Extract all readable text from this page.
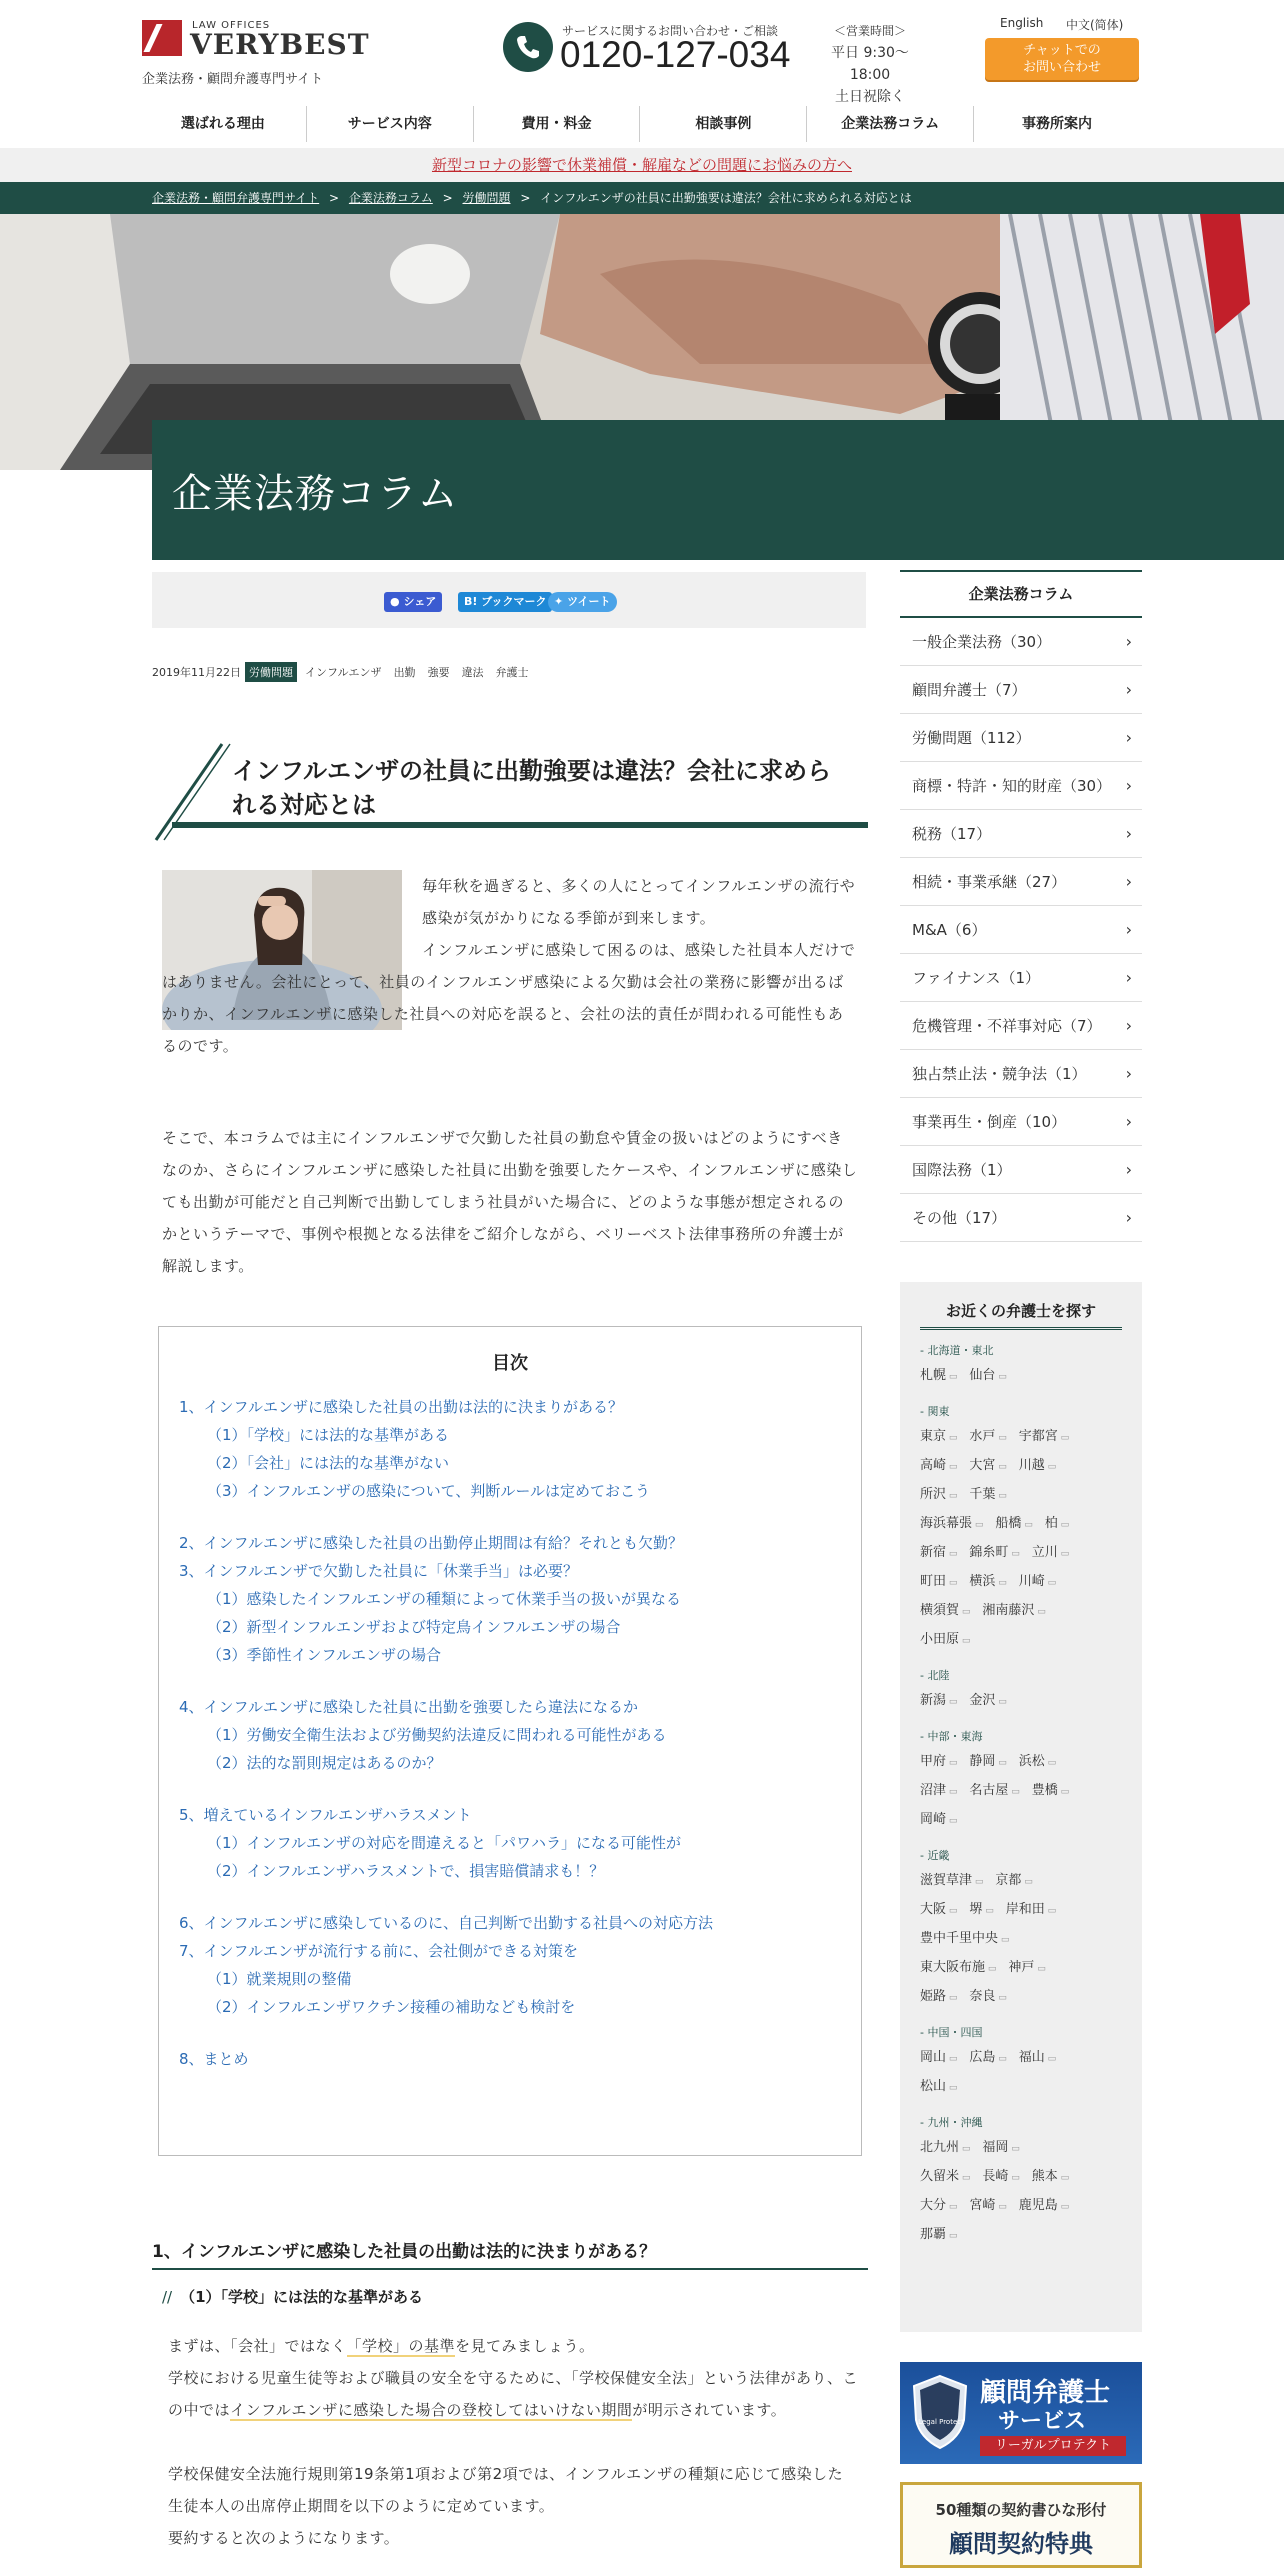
LAW OFFICES
VERYBEST
企業法務・顧問弁護専門サイト
サービスに関するお問い合わせ・ご相談
0120-127-034
＜営業時間＞
平日 9:30～18:00
土日祝除く
English 中文(简体)
チャットでの
お問い合わせ
選ばれる理由	サービス内容	費用・料金	相談事例	企業法務コラム	事務所案内
新型コロナの影響で休業補償・解雇などの問題にお悩みの方へ
企業法務・顧問弁護専門サイト > 企業法務コラム > 労働問題 > インフルエンザの社員に出勤強要は違法？会社に求められる対応とは
企業法務コラム
● シェア	B! ブックマーク ✦ ツイート
2019年11月22日 労働問題	インフルエンザ	出勤	強要	違法	弁護士
インフルエンザの社員に出勤強要は違法？会社に求められる対応とは
毎年秋を過ぎると、多くの人にとってインフルエンザの流行や感染が気がかりになる季節が到来します。
インフルエンザに感染して困るのは、感染した社員本人だけではありません。会社にとって、社員のインフルエンザ感染による欠勤は会社の業務に影響が出るばかりか、インフルエンザに感染した社員への対応を誤ると、会社の法的責任が問われる可能性もあるのです。
そこで、本コラムでは主にインフルエンザで欠勤した社員の勤怠や賃金の扱いはどのようにすべきなのか、さらにインフルエンザに感染した社員に出勤を強要したケースや、インフルエンザに感染しても出勤が可能だと自己判断で出勤してしまう社員がいた場合に、どのような事態が想定されるのかというテーマで、事例や根拠となる法律をご紹介しながら、ベリーベスト法律事務所の弁護士が解説します。
目次
1、インフルエンザに感染した社員の出勤は法的に決まりがある？
（1）「学校」には法的な基準がある
（2）「会社」には法的な基準がない
（3）インフルエンザの感染について、判断ルールは定めておこう
2、インフルエンザに感染した社員の出勤停止期間は有給？それとも欠勤？
3、インフルエンザで欠勤した社員に「休業手当」は必要？
（1）感染したインフルエンザの種類によって休業手当の扱いが異なる
（2）新型インフルエンザおよび特定鳥インフルエンザの場合
（3）季節性インフルエンザの場合
4、インフルエンザに感染した社員に出勤を強要したら違法になるか
（1）労働安全衛生法および労働契約法違反に問われる可能性がある
（2）法的な罰則規定はあるのか？
5、増えているインフルエンザハラスメント
（1）インフルエンザの対応を間違えると「パワハラ」になる可能性が
（2）インフルエンザハラスメントで、損害賠償請求も！？
6、インフルエンザに感染しているのに、自己判断で出勤する社員への対応方法
7、インフルエンザが流行する前に、会社側ができる対策を
（1）就業規則の整備
（2）インフルエンザワクチン接種の補助なども検討を
8、まとめ
1、インフルエンザに感染した社員の出勤は法的に決まりがある？
// （1）「学校」には法的な基準がある
まずは、「会社」ではなく「学校」の基準を見てみましょう。
学校における児童生徒等および職員の安全を守るために、「学校保健安全法」という法律があり、この中ではインフルエンザに感染した場合の登校してはいけない期間が明示されています。
学校保健安全法施行規則第19条第1項および第2項では、インフルエンザの種類に応じて感染した生徒本人の出席停止期間を以下のように定めています。
要約すると次のようになります。
企業法務コラム
一般企業法務（30） ›
顧問弁護士（7） ›
労働問題（112） ›
商標・特許・知的財産（30） ›
税務（17） ›
相続・事業承継（27） ›
M&A（6） ›
ファイナンス（1） ›
危機管理・不祥事対応（7） ›
独占禁止法・競争法（1） ›
事業再生・倒産（10） ›
国際法務（1） ›
その他（17） ›
お近くの弁護士を探す
- 北海道・東北
札幌 ▭ 仙台 ▭
- 関東
東京 ▭ 水戸 ▭ 宇都宮 ▭
高崎 ▭ 大宮 ▭ 川越 ▭
所沢 ▭ 千葉 ▭
海浜幕張 ▭ 船橋 ▭ 柏 ▭
新宿 ▭ 錦糸町 ▭ 立川 ▭
町田 ▭ 横浜 ▭ 川崎 ▭
横須賀 ▭ 湘南藤沢 ▭
小田原 ▭
- 北陸
新潟 ▭ 金沢 ▭
- 中部・東海
甲府 ▭ 静岡 ▭ 浜松 ▭
沼津 ▭ 名古屋 ▭ 豊橋 ▭
岡崎 ▭
- 近畿
滋賀草津 ▭ 京都 ▭
大阪 ▭ 堺 ▭ 岸和田 ▭
豊中千里中央 ▭
東大阪布施 ▭ 神戸 ▭
姫路 ▭ 奈良 ▭
- 中国・四国
岡山 ▭ 広島 ▭ 福山 ▭
松山 ▭
- 九州・沖縄
北九州 ▭ 福岡 ▭
久留米 ▭ 長崎 ▭ 熊本 ▭
大分 ▭ 宮崎 ▭ 鹿児島 ▭
那覇 ▭
Legal Protect
顧問弁護士
サービス
リーガルプロテクト
50種類の契約書ひな形付
顧問契約特典
